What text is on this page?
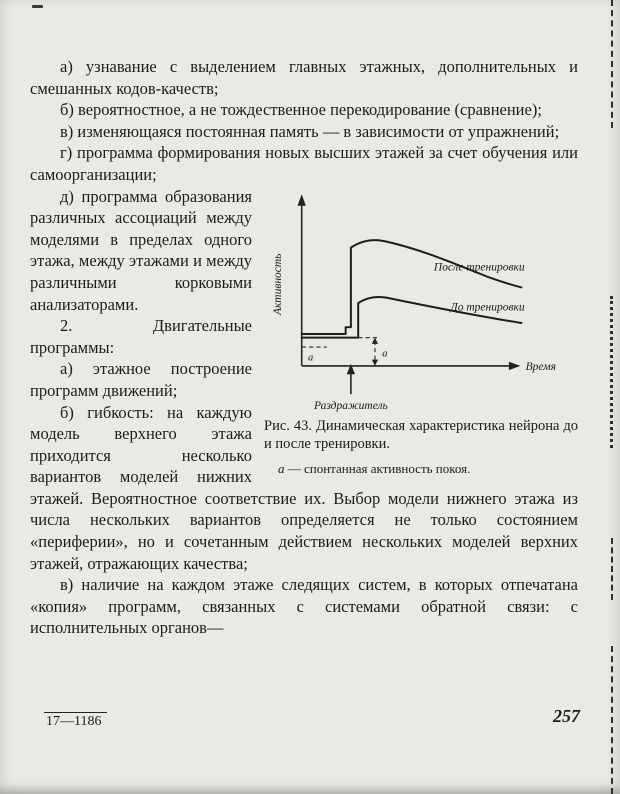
а) узнавание с выделением главных этажных, дополнительных и смешанных кодов-качеств;

б) вероятностное, а не тождественное перекодирование (сравнение);

в) изменяющаяся постоянная память — в зависимости от упражнений;

г) программа формирования новых высших этажей за счет обучения или самоорганизации;

Активность
Время
а	а
После тренировки
До тренировки
Раздражитель
Рис. 43. Динамическая характеристика нейрона до и после тренировки.
а — спонтанная активность покоя.

д) программа образования различных ассоциаций между моделями в пределах одного этажа, между этажами и между различными корковыми анализаторами.

2. Двигательные программы:

а) этажное построение программ движений;

б) гибкость: на каждую модель верхнего этажа приходится несколько вариантов моделей нижних этажей. Вероятностное соответствие их. Выбор модели нижнего этажа из числа нескольких вариантов определяется не только состоянием «периферии», но и сочетанным действием нескольких моделей верхних этажей, отражающих качества;

в) наличие на каждом этаже следящих систем, в которых отпечатана «копия» программ, связанных с системами обратной связи: с исполнительных органов—

17—1186	257
